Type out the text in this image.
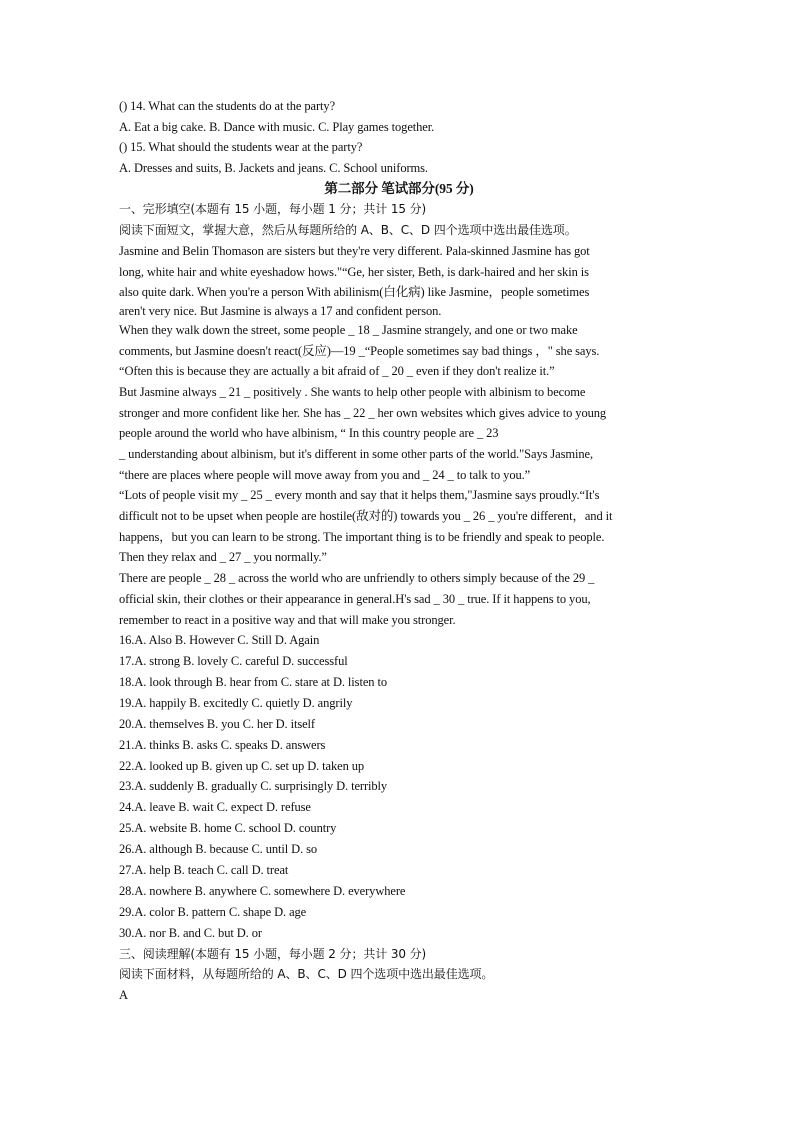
() 14. What can the students do at the party?
A. Eat a big cake. B. Dance with music. C. Play games together.
() 15. What should the students wear at the party?
A. Dresses and suits, B. Jackets and jeans. C. School uniforms.
第二部分 笔试部分(95 分)
一、完形填空(本题有 15 小题，每小题 1 分；共计 15 分)
阅读下面短文，掌握大意，然后从每题所给的 A、B、C、D 四个选项中选出最佳选项。
Jasmine and Belin Thomason are sisters but they're very different. Pala-skinned Jasmine has got
long, white hair and white eyeshadow hows."“Ge, her sister, Beth, is dark-haired and her skin is
also quite dark. When you're a person With abilinism(白化病) like Jasmine，people sometimes
aren't very nice. But Jasmine is always a 17 and confident person.
When they walk down the street, some people _ 18 _ Jasmine strangely, and one or two make
comments, but Jasmine doesn't react(反应)—19 _“People sometimes say bad things ，" she says.
“Often this is because they are actually a bit afraid of _ 20 _ even if they don't realize it.”
But Jasmine always _ 21 _ positively . She wants to help other people with albinism to become
stronger and more confident like her. She has _ 22 _ her own websites which gives advice to young
people around the world who have albinism, “ In this country people are _ 23
_ understanding about albinism, but it's different in some other parts of the world."Says Jasmine,
“there are places where people will move away from you and _ 24 _ to talk to you.”
“Lots of people visit my _ 25 _ every month and say that it helps them,"Jasmine says proudly.“It's
difficult not to be upset when people are hostile(敌对的) towards you _ 26 _ you're different，and it
happens，but you can learn to be strong. The important thing is to be friendly and speak to people.
Then they relax and _ 27 _ you normally.”
There are people _ 28 _ across the world who are unfriendly to others simply because of the 29 _
official skin, their clothes or their appearance in general.H's sad _ 30 _ true. If it happens to you,
remember to react in a positive way and that will make you stronger.
16.A. Also B. However C. Still D. Again
17.A. strong B. lovely C. careful D. successful
18.A. look through B. hear from C. stare at D. listen to
19.A. happily B. excitedly C. quietly D. angrily
20.A. themselves B. you C. her D. itself
21.A. thinks B. asks C. speaks D. answers
22.A. looked up B. given up C. set up D. taken up
23.A. suddenly B. gradually C. surprisingly D. terribly
24.A. leave B. wait C. expect D. refuse
25.A. website B. home C. school D. country
26.A. although B. because C. until D. so
27.A. help B. teach C. call D. treat
28.A. nowhere B. anywhere C. somewhere D. everywhere
29.A. color B. pattern C. shape D. age
30.A. nor B. and C. but D. or
三、阅读理解(本题有 15 小题，每小题 2 分；共计 30 分)
阅读下面材料，从每题所给的 A、B、C、D 四个选项中选出最佳选项。
A
